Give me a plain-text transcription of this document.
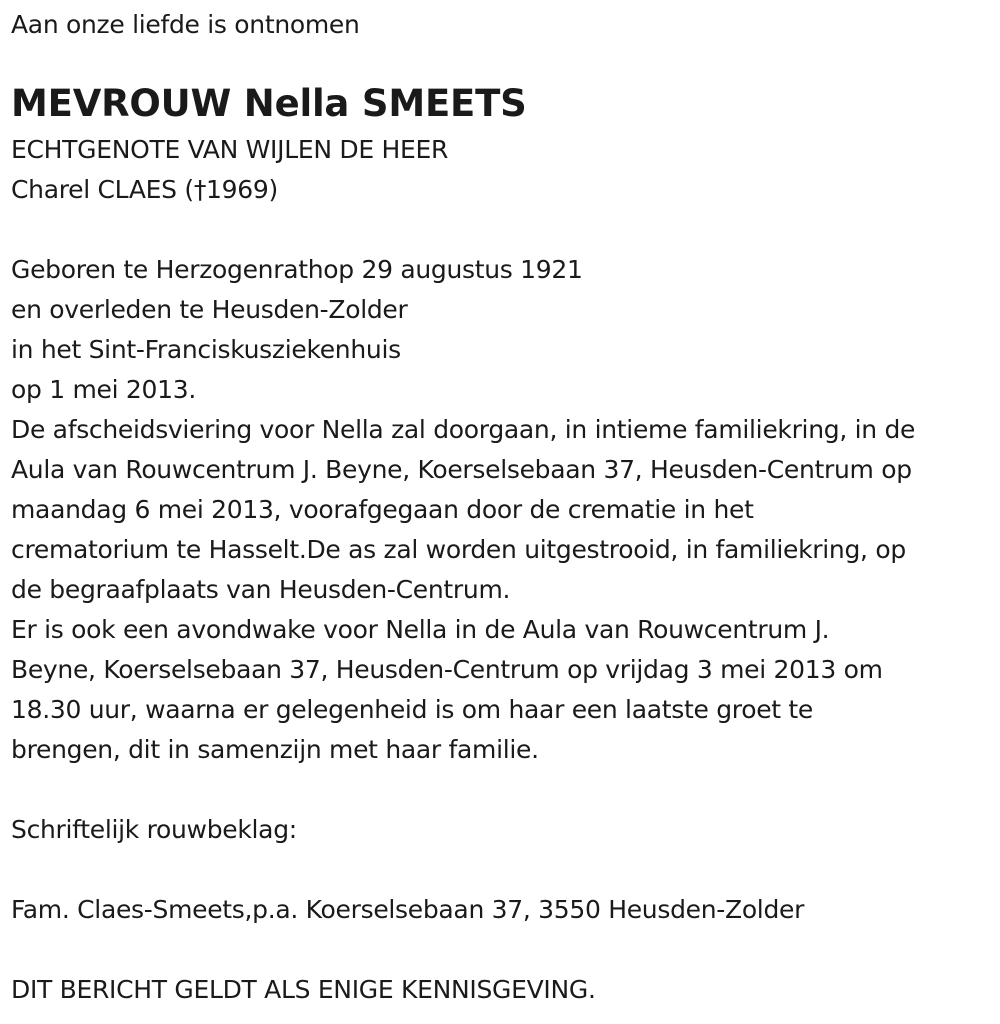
Aan onze liefde is ontnomen
MEVROUW Nella SMEETS
ECHTGENOTE VAN WIJLEN DE HEER
Charel CLAES (†1969)
Geboren te Herzogenrathop 29 augustus 1921
en overleden te Heusden-Zolder
in het Sint-Franciskusziekenhuis
op 1 mei 2013.
De afscheidsviering voor Nella zal doorgaan, in intieme familiekring, in de
Aula van Rouwcentrum J. Beyne, Koerselsebaan 37, Heusden-Centrum op
maandag 6 mei 2013, voorafgegaan door de crematie in het
crematorium te Hasselt.De as zal worden uitgestrooid, in familiekring, op
de begraafplaats van Heusden-Centrum.
Er is ook een avondwake voor Nella in de Aula van Rouwcentrum J.
Beyne, Koerselsebaan 37, Heusden-Centrum op vrijdag 3 mei 2013 om
18.30 uur, waarna er gelegenheid is om haar een laatste groet te
brengen, dit in samenzijn met haar familie.
Schriftelijk rouwbeklag:
Fam. Claes-Smeets,p.a. Koerselsebaan 37, 3550 Heusden-Zolder
DIT BERICHT GELDT ALS ENIGE KENNISGEVING.
